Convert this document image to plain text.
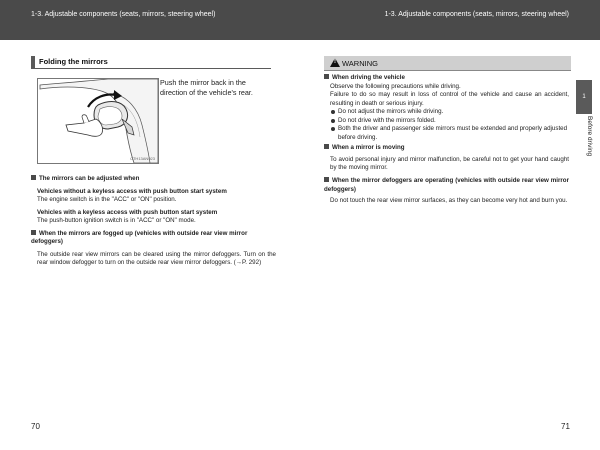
1-3. Adjustable components (seats, mirrors, steering wheel)	1-3. Adjustable components (seats, mirrors, steering wheel)
Folding the mirrors
CTH13AN023
Push the mirror back in the direction of the vehicle's rear.
The mirrors can be adjusted when
Vehicles without a keyless access with push button start system
The engine switch is in the "ACC" or "ON" position.
Vehicles with a keyless access with push button start system
The push-button ignition switch is in "ACC" or "ON" mode.
When the mirrors are fogged up (vehicles with outside rear view mirror defoggers)
The outside rear view mirrors can be cleared using the mirror defoggers. Turn on the rear window defogger to turn on the outside rear view mirror defoggers. (→P. 292)
70
!
WARNING
When driving the vehicle
Observe the following precautions while driving.
Failure to do so may result in loss of control of the vehicle and cause an accident, resulting in death or serious injury.
Do not adjust the mirrors while driving.
Do not drive with the mirrors folded.
Both the driver and passenger side mirrors must be extended and properly adjusted before driving.
When a mirror is moving
To avoid personal injury and mirror malfunction, be careful not to get your hand caught by the moving mirror.
When the mirror defoggers are operating (vehicles with outside rear view mirror defoggers)
Do not touch the rear view mirror surfaces, as they can become very hot and burn you.
1
Before driving
71
